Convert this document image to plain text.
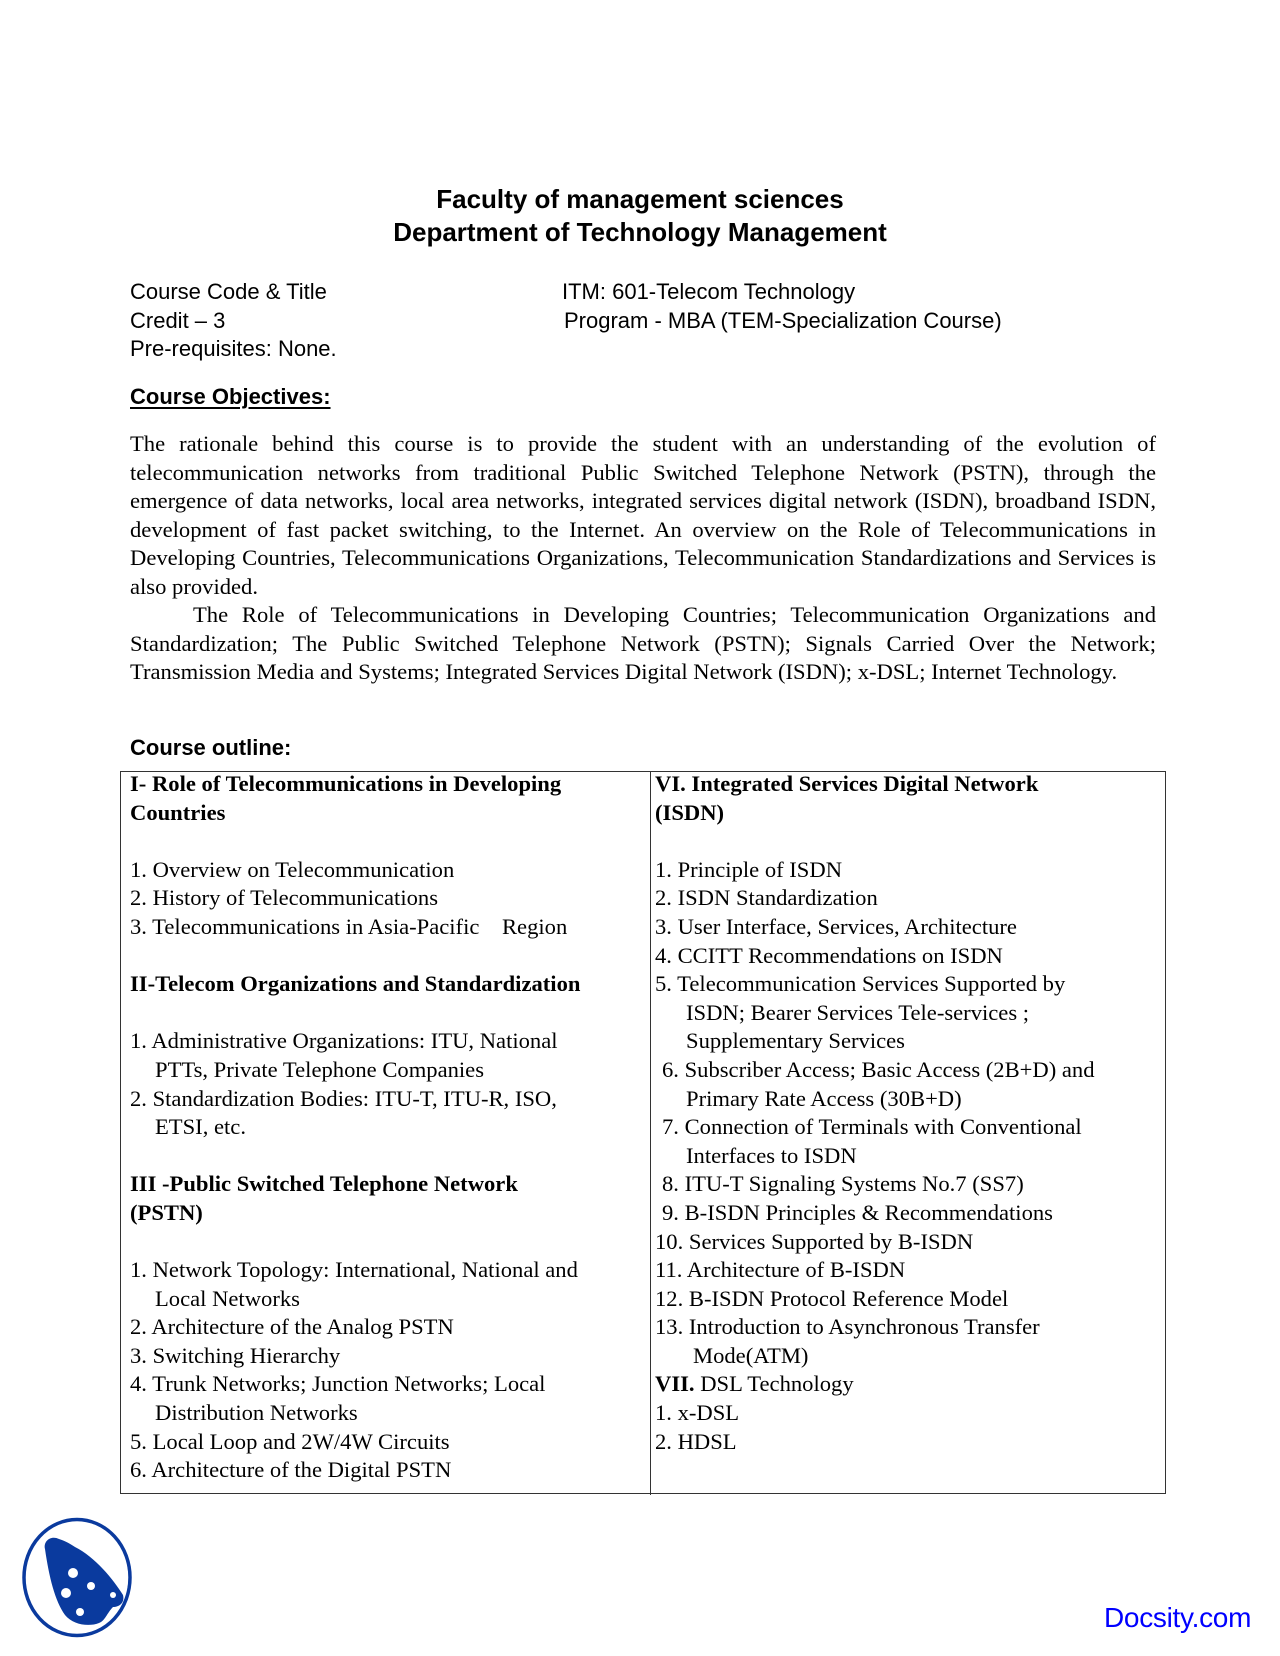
Faculty of management sciences
Department of Technology Management
Course Code & Title
Credit – 3
Pre-requisites: None.
ITM: 601-Telecom Technology
Program - MBA (TEM-Specialization Course)
Course Objectives:
The rationale behind this course is to provide the student with an understanding of the evolution of telecommunication networks from traditional Public Switched Telephone Network (PSTN), through the emergence of data networks, local area networks, integrated services digital network (ISDN), broadband ISDN, development of fast packet switching, to the Internet. An overview on the Role of Telecommunications in Developing Countries, Telecommunications Organizations, Telecommunication Standardizations and Services is also provided.
The Role of Telecommunications in Developing Countries; Telecommunication Organizations and Standardization; The Public Switched Telephone Network (PSTN); Signals Carried Over the Network; Transmission Media and Systems; Integrated Services Digital Network (ISDN); x-DSL; Internet Technology.
Course outline:
I- Role of Telecommunications in Developing
Countries
1. Overview on Telecommunication
2. History of Telecommunications
3. Telecommunications in Asia-Pacific    Region
II-Telecom Organizations and Standardization
1. Administrative Organizations: ITU, National
PTTs, Private Telephone Companies
2. Standardization Bodies: ITU-T, ITU-R, ISO,
ETSI, etc.
III -Public Switched Telephone Network
(PSTN)
1. Network Topology: International, National and
Local Networks
2. Architecture of the Analog PSTN
3. Switching Hierarchy
4. Trunk Networks; Junction Networks; Local
Distribution Networks
5. Local Loop and 2W/4W Circuits
6. Architecture of the Digital PSTN
VI. Integrated Services Digital Network
(ISDN)
1. Principle of ISDN
2. ISDN Standardization
3. User Interface, Services, Architecture
4. CCITT Recommendations on ISDN
5. Telecommunication Services Supported by
ISDN; Bearer Services Tele-services ;
Supplementary Services
6. Subscriber Access; Basic Access (2B+D) and
Primary Rate Access (30B+D)
7. Connection of Terminals with Conventional
Interfaces to ISDN
8. ITU-T Signaling Systems No.7 (SS7)
9. B-ISDN Principles & Recommendations
10. Services Supported by B-ISDN
11. Architecture of B-ISDN
12. B-ISDN Protocol Reference Model
13. Introduction to Asynchronous Transfer
Mode(ATM)
VII. DSL Technology
1. x-DSL
2. HDSL
Docsity.com
